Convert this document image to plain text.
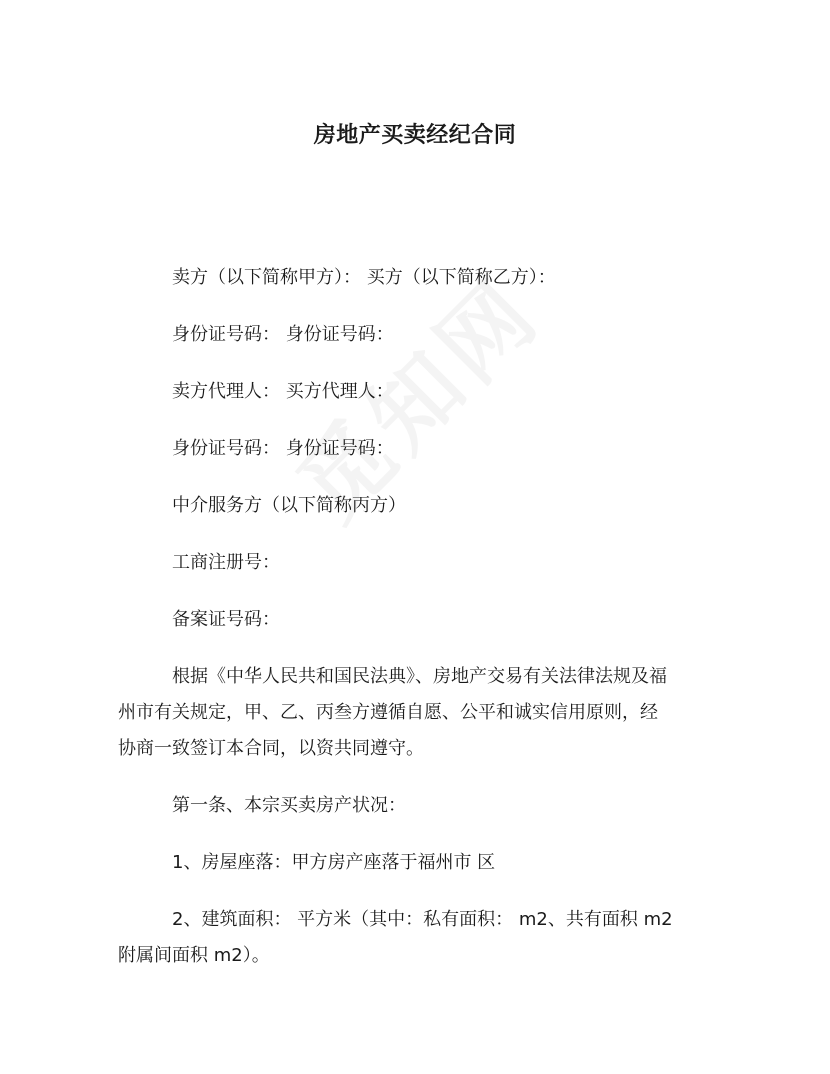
房地产买卖经纪合同
卖方（以下简称甲方）： 买方（以下简称乙方）：
身份证号码： 身份证号码：
卖方代理人： 买方代理人：
身份证号码： 身份证号码：
中介服务方（以下简称丙方）
工商注册号：
备案证号码：
根据《中华人民共和国民法典》、房地产交易有关法律法规及福
州市有关规定，甲、乙、丙叁方遵循自愿、公平和诚实信用原则，经
协商一致签订本合同，以资共同遵守。
第一条、本宗买卖房产状况：
1、房屋座落：甲方房产座落于福州市 区
2、建筑面积： 平方米（其中：私有面积： m2、共有面积 m2
附属间面积 m2）。
